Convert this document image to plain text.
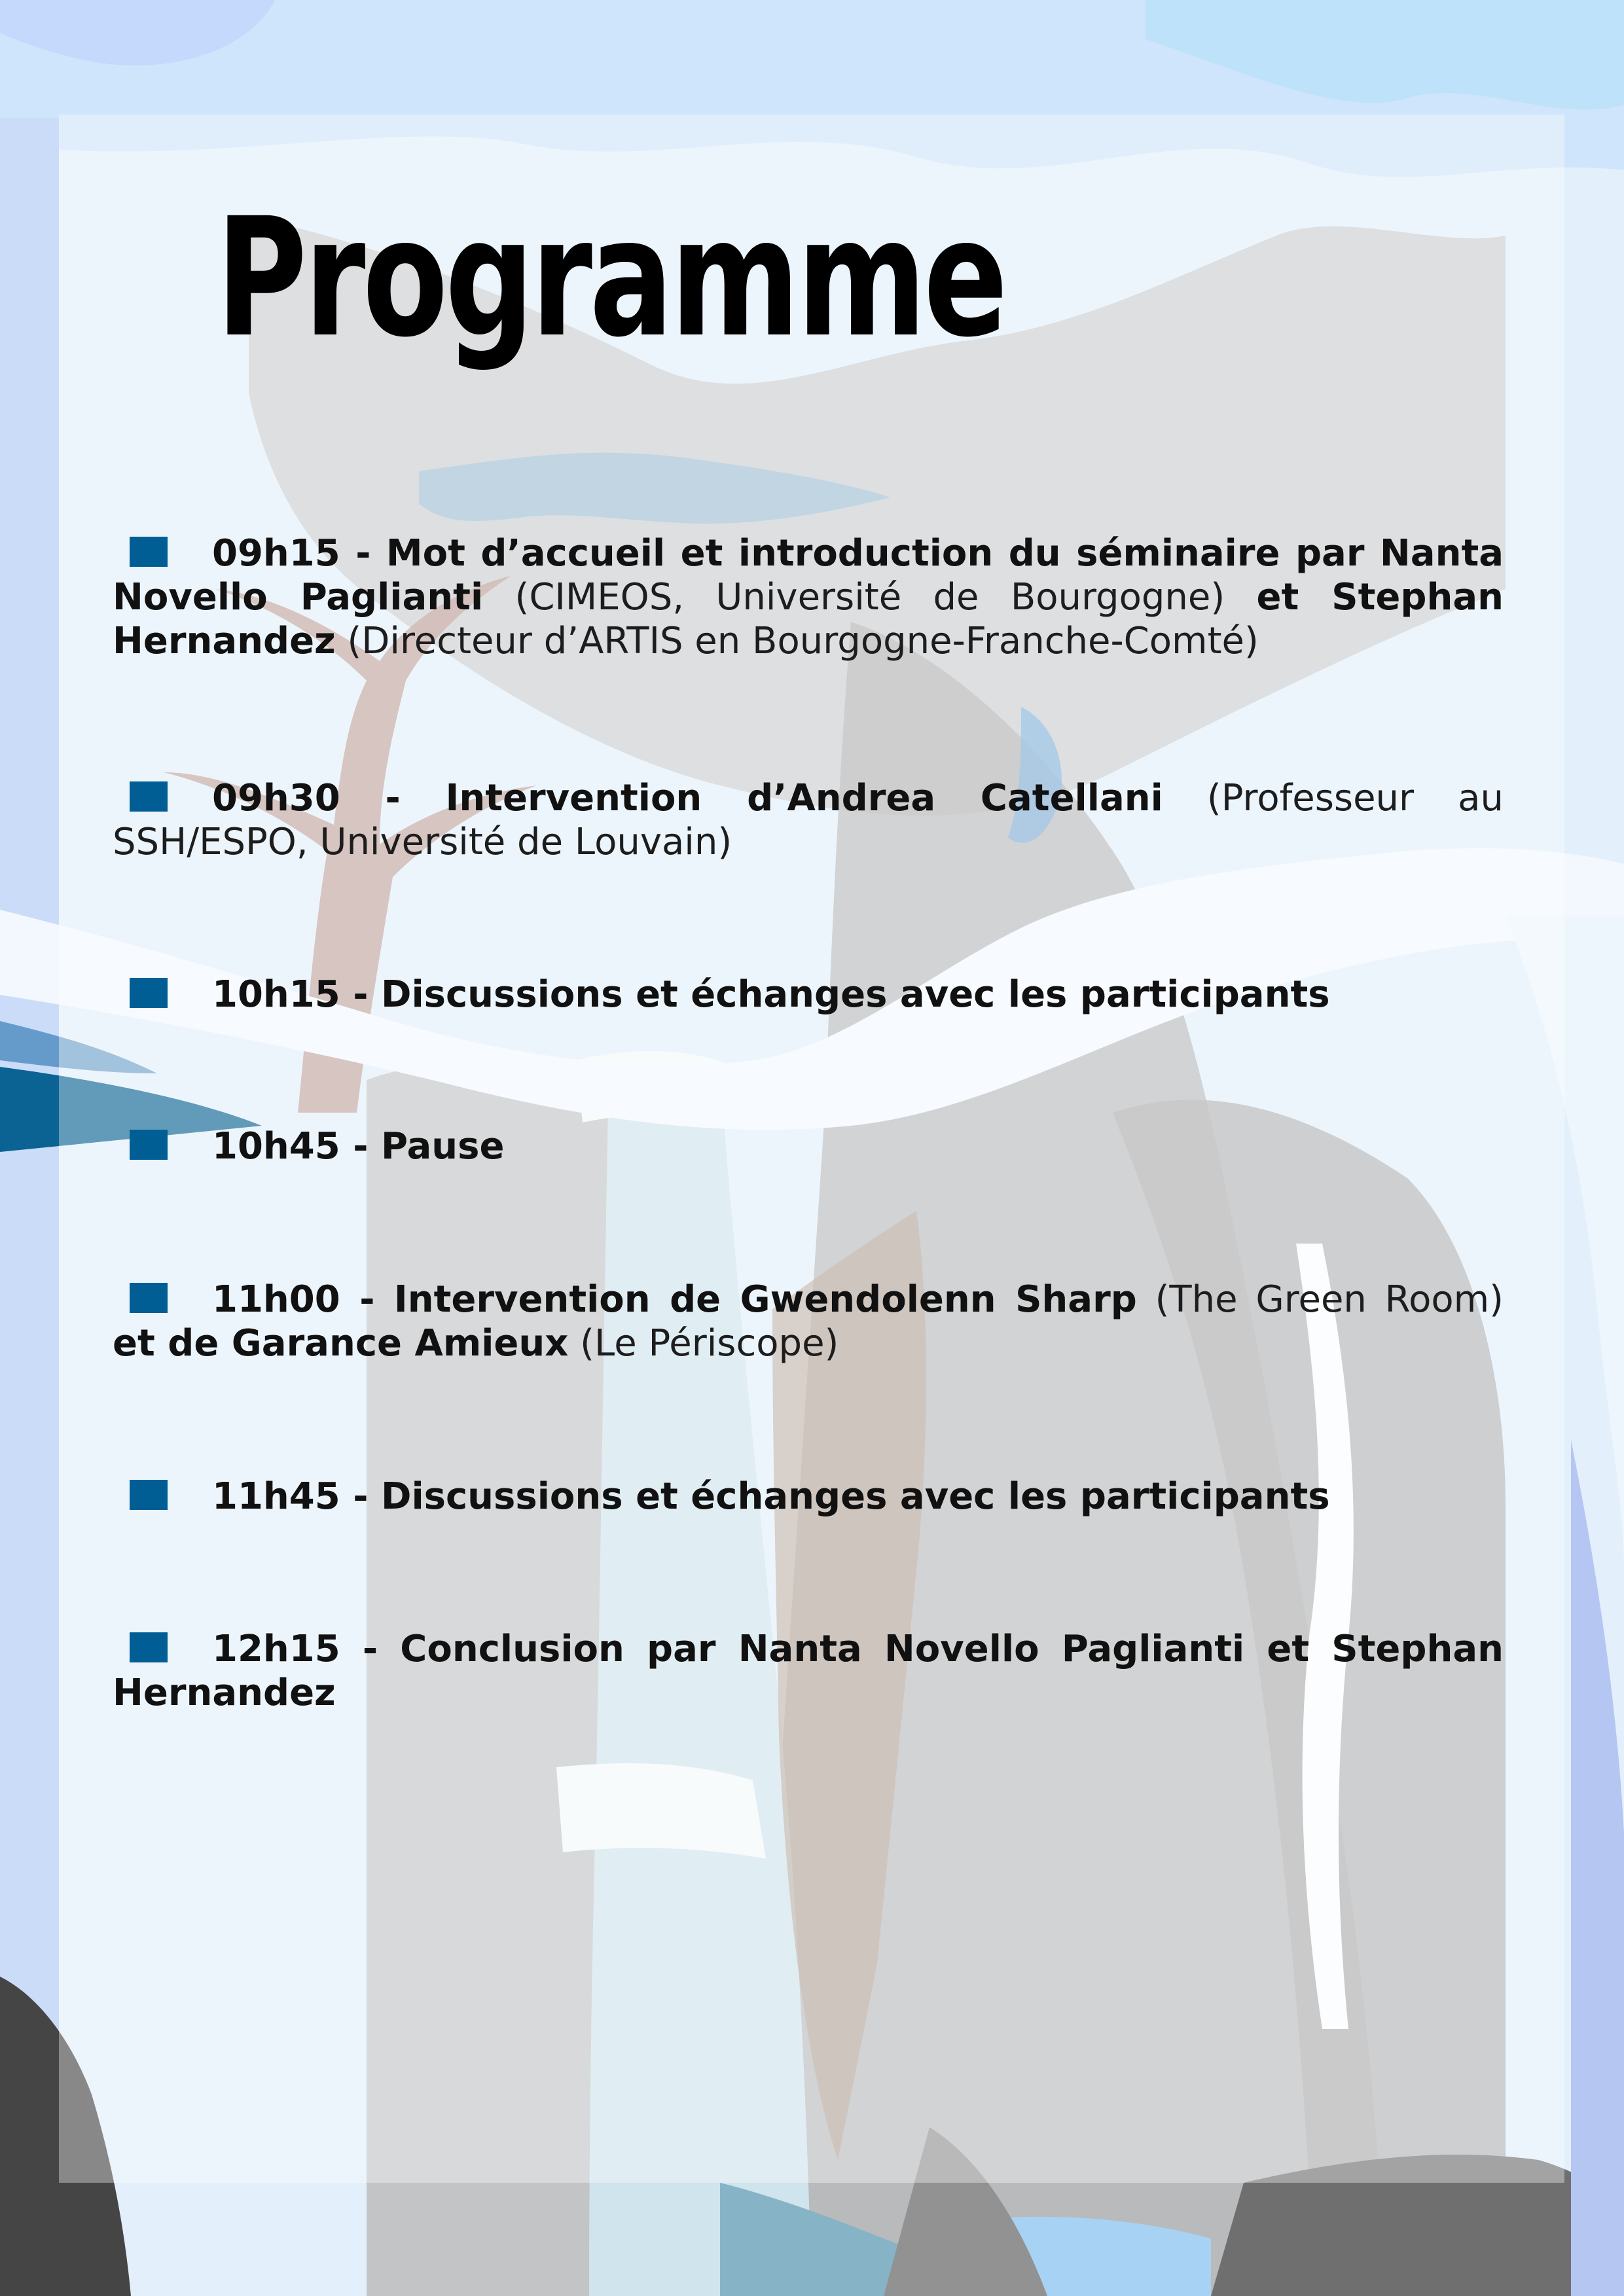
Programme
09h15 - Mot d’accueil et introduction du séminaire par Nanta Novello Paglianti (CIMEOS, Université de Bourgogne) et Stephan Hernandez (Directeur d’ARTIS en Bourgogne-Franche-Comté)
09h30 - Intervention d’Andrea Catellani (Professeur au SSH/ESPO, Université de Louvain)
10h15 - Discussions et échanges avec les participants
10h45 - Pause
11h00 - Intervention de Gwendolenn Sharp (The Green Room) et de Garance Amieux (Le Périscope)
11h45 - Discussions et échanges avec les participants
12h15 - Conclusion par Nanta Novello Paglianti et Stephan Hernandez
